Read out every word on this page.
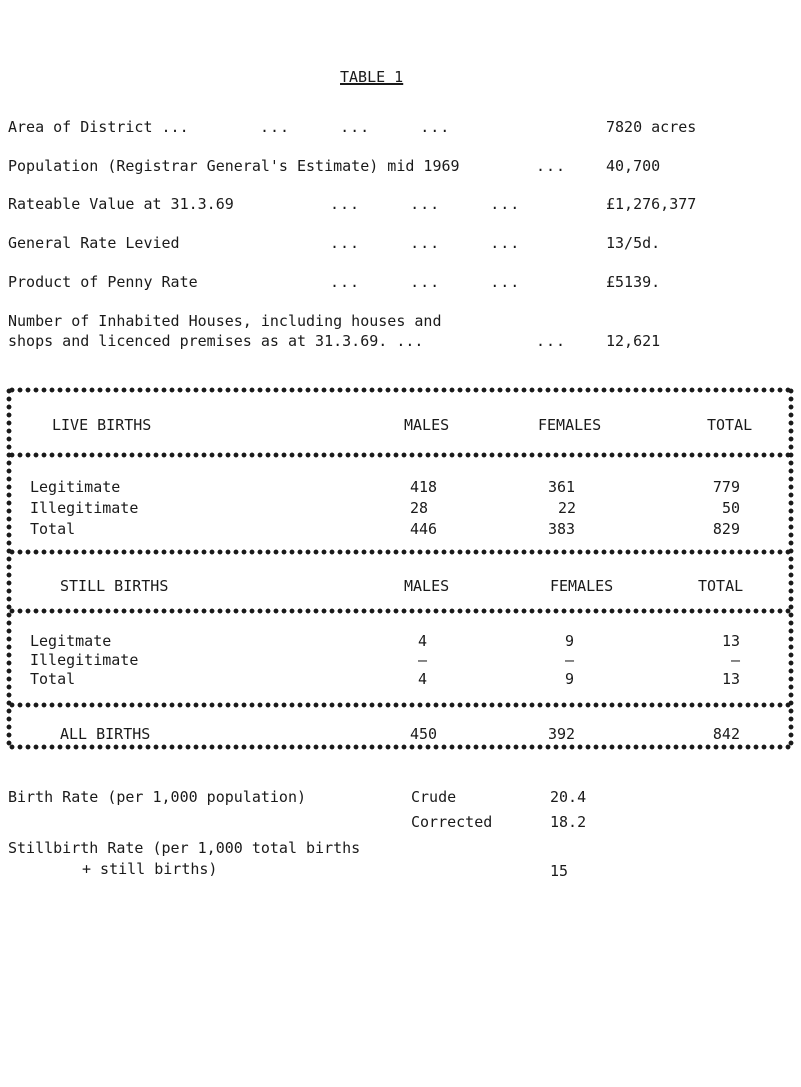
TABLE 1
Area of District ...	... ... ...	7820 acres
Population (Registrar General's Estimate) mid 1969	...	40,700
Rateable Value at 31.3.69	... ... ...	£1,276,377
General Rate Levied	... ... ...	13/5d.
Product of Penny Rate	... ... ...	£5139.
Number of Inhabited Houses, including houses and
shops and licenced premises as at 31.3.69. ...	...	12,621
LIVE BIRTHS	MALES	FEMALES	TOTAL
Legitimate	418	361	779
Illegitimate	28	22	50
Total	446	383	829
STILL BIRTHS	MALES	FEMALES	TOTAL
Legitmate	4	9	13
Illegitimate	–	–	–
Total	4	9	13
ALL BIRTHS	450	392	842
Birth Rate (per 1,000 population)	Crude	20.4
Corrected	18.2
Stillbirth Rate (per 1,000 total births
+ still births)	15
